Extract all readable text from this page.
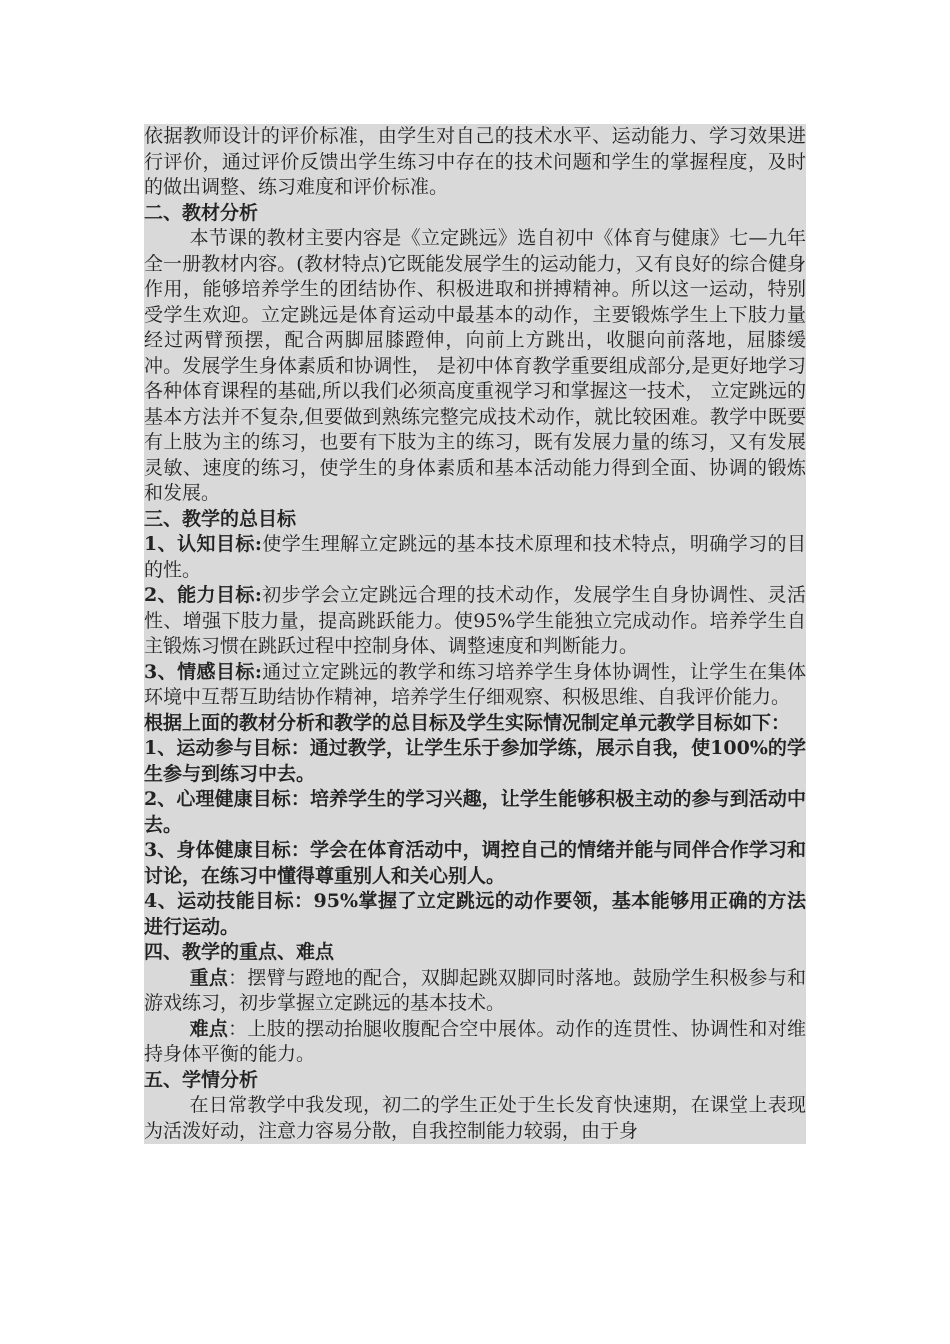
依据教师设计的评价标准，由学生对自己的技术水平、运动能力、学习效果进行评价，通过评价反馈出学生练习中存在的技术问题和学生的掌握程度，及时的做出调整、练习难度和评价标准。

二、教材分析

本节课的教材主要内容是《立定跳远》选自初中《体育与健康》七—九年全一册教材内容。(教材特点)它既能发展学生的运动能力，又有良好的综合健身作用，能够培养学生的团结协作、积极进取和拼搏精神。所以这一运动，特别受学生欢迎。立定跳远是体育运动中最基本的动作，主要锻炼学生上下肢力量经过两臂预摆，配合两脚屈膝蹬伸，向前上方跳出，收腿向前落地，屈膝缓冲。发展学生身体素质和协调性， 是初中体育教学重要组成部分,是更好地学习各种体育课程的基础,所以我们必须高度重视学习和掌握这一技术， 立定跳远的基本方法并不复杂,但要做到熟练完整完成技术动作，就比较困难。教学中既要有上肢为主的练习，也要有下肢为主的练习，既有发展力量的练习，又有发展灵敏、速度的练习，使学生的身体素质和基本活动能力得到全面、协调的锻炼和发展。

三、教学的总目标

1、认知目标:使学生理解立定跳远的基本技术原理和技术特点，明确学习的目的性。

2、能力目标:初步学会立定跳远合理的技术动作，发展学生自身协调性、灵活性、增强下肢力量，提高跳跃能力。使95%学生能独立完成动作。培养学生自主锻炼习惯在跳跃过程中控制身体、调整速度和判断能力。

3、情感目标:通过立定跳远的教学和练习培养学生身体协调性，让学生在集体环境中互帮互助结协作精神，培养学生仔细观察、积极思维、自我评价能力。

根据上面的教材分析和教学的总目标及学生实际情况制定单元教学目标如下：

1、运动参与目标：通过教学，让学生乐于参加学练，展示自我，使100%的学生参与到练习中去。

2、心理健康目标：培养学生的学习兴趣，让学生能够积极主动的参与到活动中去。

3、身体健康目标：学会在体育活动中，调控自己的情绪并能与同伴合作学习和讨论，在练习中懂得尊重别人和关心别人。

4、运动技能目标：95%掌握了立定跳远的动作要领，基本能够用正确的方法进行运动。

四、教学的重点、难点

重点：摆臂与蹬地的配合，双脚起跳双脚同时落地。鼓励学生积极参与和游戏练习，初步掌握立定跳远的基本技术。

难点：上肢的摆动抬腿收腹配合空中展体。动作的连贯性、协调性和对维持身体平衡的能力。

五、学情分析

在日常教学中我发现，初二的学生正处于生长发育快速期，在课堂上表现为活泼好动，注意力容易分散，自我控制能力较弱，由于身
